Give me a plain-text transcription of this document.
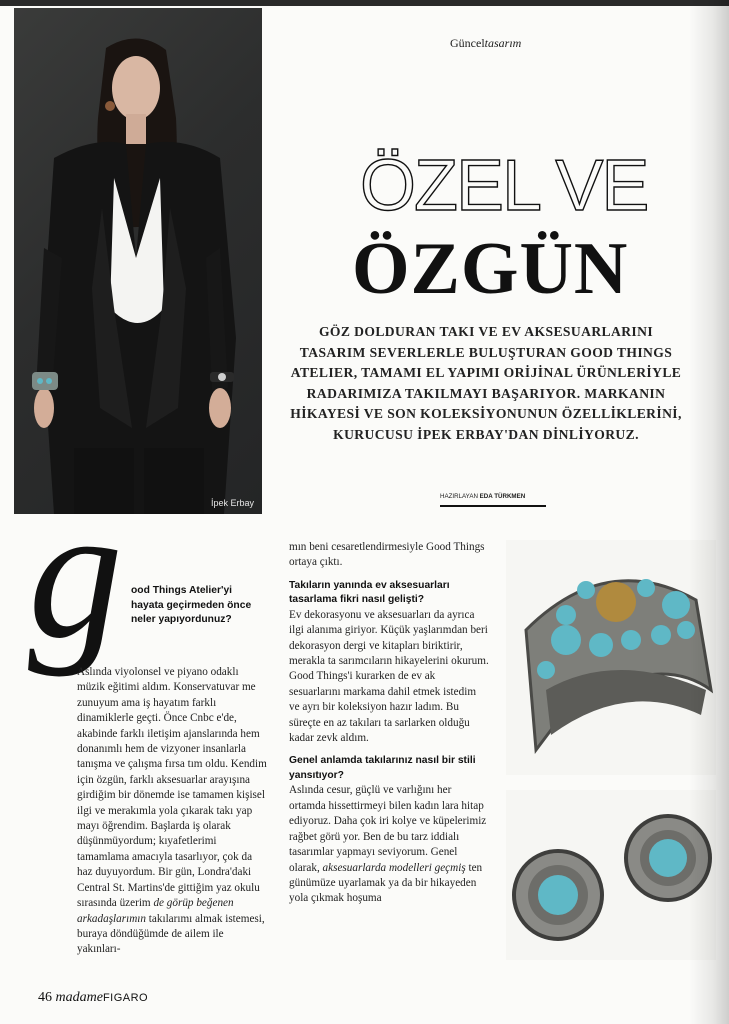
İpek Erbay
Günceltasarım
ÖZEL VE
ÖZGÜN
GÖZ DOLDURAN TAKI VE EV AKSESUARLARINI TASARIM SEVERLERLE BULUŞTURAN GOOD THINGS ATELIER, TAMAMI EL YAPIMI ORİJİNAL ÜRÜNLERİYLE RADARIMIZA TAKILMAYI BAŞARIYOR. MARKANIN HİKAYESİ VE SON KOLEKSİYONUNUN ÖZELLİKLERİNİ, KURUCUSU İPEK ERBAY'DAN DİNLİYORUZ.
HAZIRLAYAN EDA TÜRKMEN
g ood Things Atelier'yi hayata geçirmeden önce neler yapıyordunuz?

Aslında viyolonsel ve piyano odaklı müzik eğitimi aldım. Konservatuvar me zunuyum ama iş hayatım farklı dinamiklerle geçti. Önce Cnbc e'de, akabinde farklı iletişim ajanslarında hem donanımlı hem de vizyoner insanlarla tanışma ve çalışma fırsa tım oldu. Kendim için özgün, farklı aksesuarlar arayışına girdiğim bir dönemde ise tamamen kişisel ilgi ve merakımla yola çıkarak takı yap mayı öğrendim. Başlarda iş olarak düşünmüyordum; kıyafetlerimi tamamlama amacıyla tasarlıyor, çok da haz duyuyordum. Bir gün, Londra'daki Central St. Martins'de gittiğim yaz okulu sırasında üzerim de görüp beğenen arkadaşlarımın takılarımı almak istemesi, buraya döndüğümde de ailem ile yakınları-

mın beni cesaretlendirmesiyle Good Things ortaya çıktı.

Takıların yanında ev aksesuarları tasarlama fikri nasıl gelişti?

Ev dekorasyonu ve aksesuarları da ayrıca ilgi alanıma giriyor. Küçük yaşlarımdan beri dekorasyon dergi ve kitapları biriktirir, merakla ta sarımcıların hikayelerini okurum. Good Things'i kurarken de ev ak sesuarlarını markama dahil etmek istedim ve ayrı bir koleksiyon hazır ladım. Bu süreçte en az takıları ta sarlarken olduğu kadar zevk aldım.

Genel anlamda takılarınız nasıl bir stili yansıtıyor?

Aslında cesur, güçlü ve varlığını her ortamda hissettirmeyi bilen kadın lara hitap ediyoruz. Daha çok iri kolye ve küpelerimiz rağbet görü yor. Ben de bu tarz iddialı tasarımlar yapmayı seviyorum. Genel olarak, aksesuarlarda modelleri geçmiş ten günümüze uyarlamak ya da bir hikayeden yola çıkmak hoşuma

46 madameFIGARO
